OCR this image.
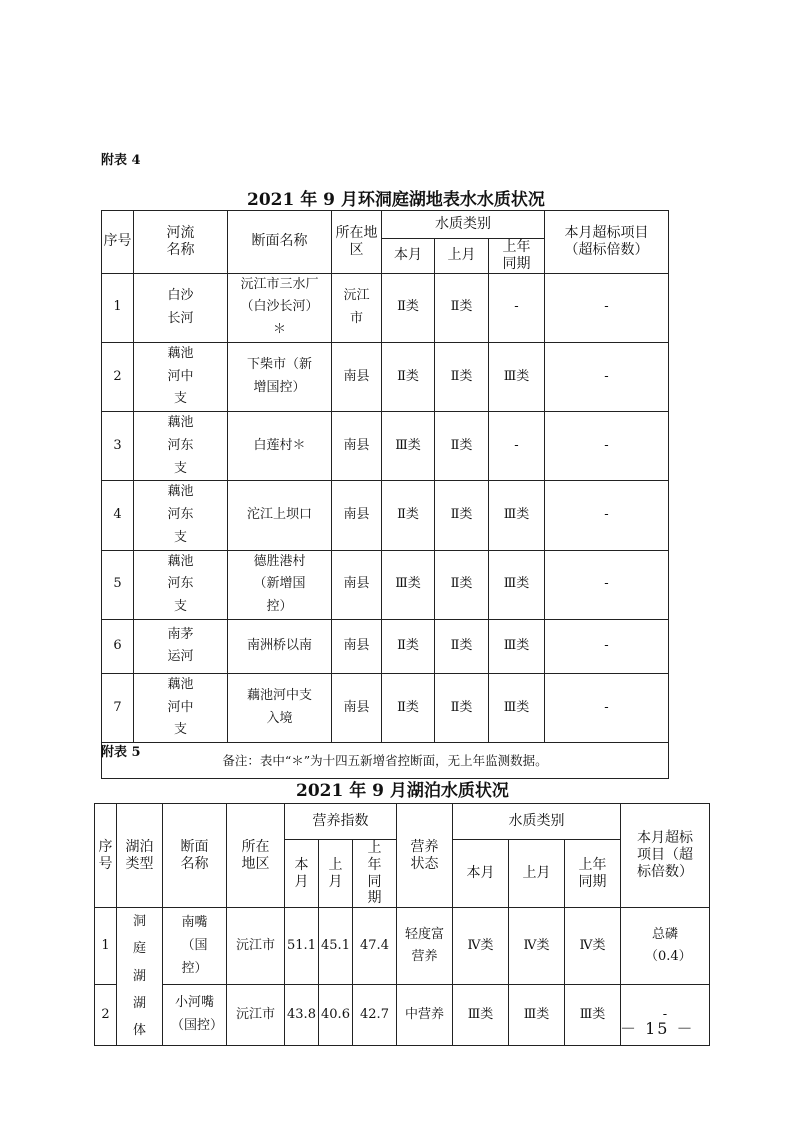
附表 4
2021 年 9 月环洞庭湖地表水水质状况
序号	河流名称	断面名称	所在地区	水质类别			本月超标项目（超标倍数）
				本月	上月	上年同期	
1	白沙长河	沅江市三水厂（白沙长河）＊	沅江市	Ⅱ类	Ⅱ类	-	-
2	藕池河中支	下柴市（新增国控）	南县	Ⅱ类	Ⅱ类	Ⅲ类	-
3	藕池河东支	白莲村＊	南县	Ⅲ类	Ⅱ类	-	-
4	藕池河东支	沱江上坝口	南县	Ⅱ类	Ⅱ类	Ⅲ类	-
5	藕池河东支	德胜港村（新增国控）	南县	Ⅲ类	Ⅱ类	Ⅲ类	-
6	南茅运河	南洲桥以南	南县	Ⅱ类	Ⅱ类	Ⅲ类	-
7	藕池河中支	藕池河中支入境	南县	Ⅱ类	Ⅱ类	Ⅲ类	-
备注：表中“＊”为十四五新增省控断面，无上年监测数据。							
附表 5
2021 年 9 月湖泊水质状况
序号	湖泊类型	断面名称	所在地区	营养指数			营养状态	水质类别			本月超标项目（超标倍数）
				本月	上月	上年同期		本月	上月	上年同期	
1	洞庭湖湖体	南嘴（国控）	沅江市	51.1	45.1	47.4	轻度富营养	Ⅳ类	Ⅳ类	Ⅳ类	总磷（0.4）
2		小河嘴（国控）	沅江市	43.8	40.6	42.7	中营养	Ⅲ类	Ⅲ类	Ⅲ类	-
－ 15 －
